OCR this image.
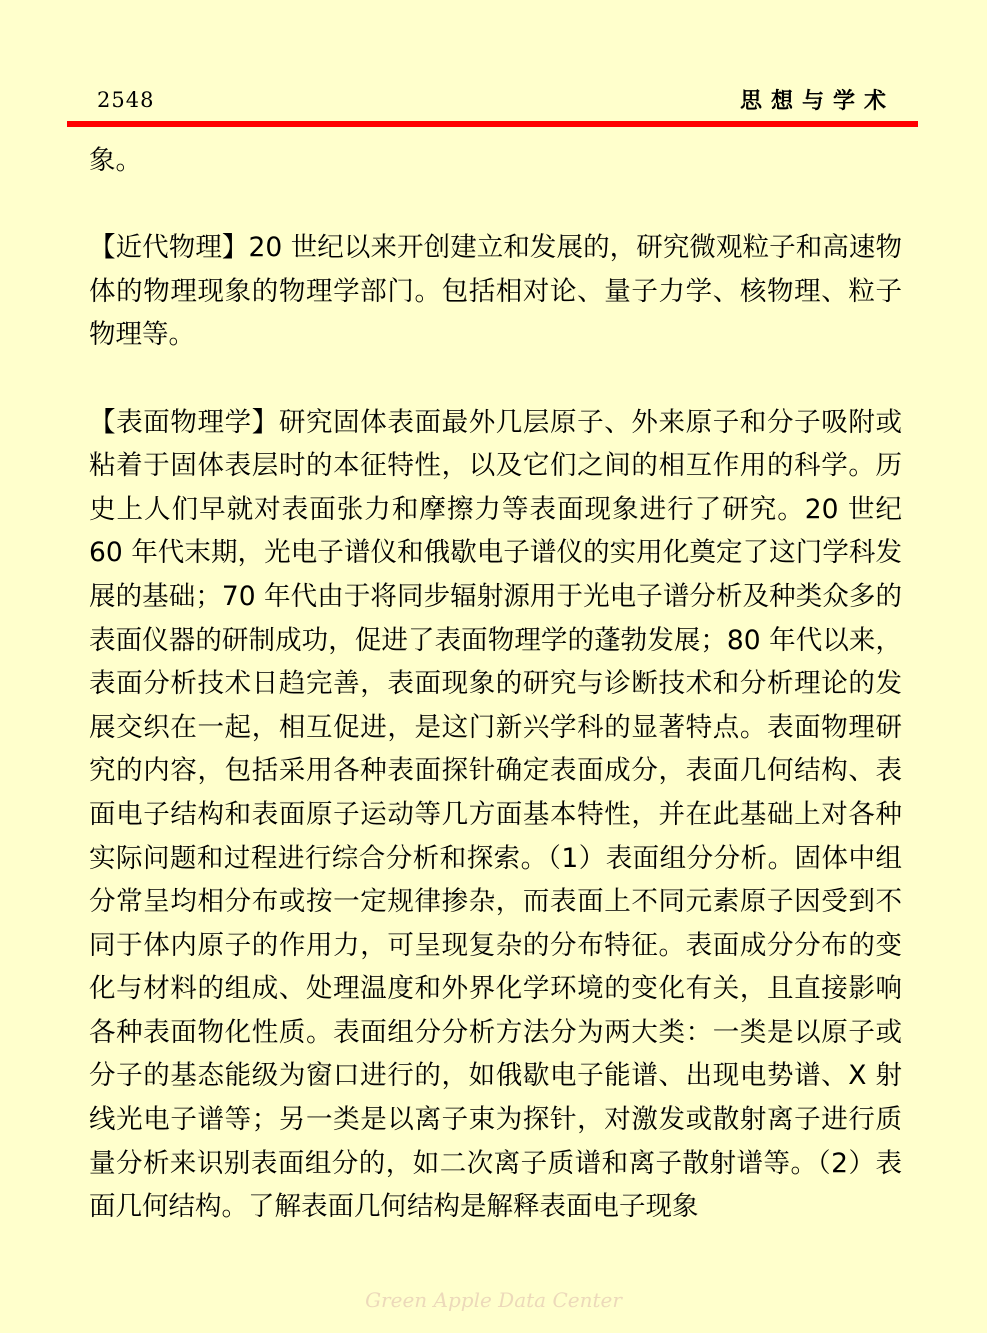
2548	思想与学术

象。

【近代物理】20 世纪以来开创建立和发展的，研究微观粒子和高速物体的物理现象的物理学部门。包括相对论、量子力学、核物理、粒子物理等。

【表面物理学】研究固体表面最外几层原子、外来原子和分子吸附或粘着于固体表层时的本征特性，以及它们之间的相互作用的科学。历史上人们早就对表面张力和摩擦力等表面现象进行了研究。20 世纪 60 年代末期，光电子谱仪和俄歇电子谱仪的实用化奠定了这门学科发展的基础；70 年代由于将同步辐射源用于光电子谱分析及种类众多的表面仪器的研制成功，促进了表面物理学的蓬勃发展；80 年代以来，表面分析技术日趋完善，表面现象的研究与诊断技术和分析理论的发展交织在一起，相互促进，是这门新兴学科的显著特点。表面物理研究的内容，包括采用各种表面探针确定表面成分，表面几何结构、表面电子结构和表面原子运动等几方面基本特性，并在此基础上对各种实际问题和过程进行综合分析和探索。（1）表面组分分析。固体中组分常呈均相分布或按一定规律掺杂，而表面上不同元素原子因受到不同于体内原子的作用力，可呈现复杂的分布特征。表面成分分布的变化与材料的组成、处理温度和外界化学环境的变化有关，且直接影响各种表面物化性质。表面组分分析方法分为两大类：一类是以原子或分子的基态能级为窗口进行的，如俄歇电子能谱、出现电势谱、X 射线光电子谱等；另一类是以离子束为探针，对激发或散射离子进行质量分析来识别表面组分的，如二次离子质谱和离子散射谱等。（2）表面几何结构。了解表面几何结构是解释表面电子现象

Green Apple Data Center
